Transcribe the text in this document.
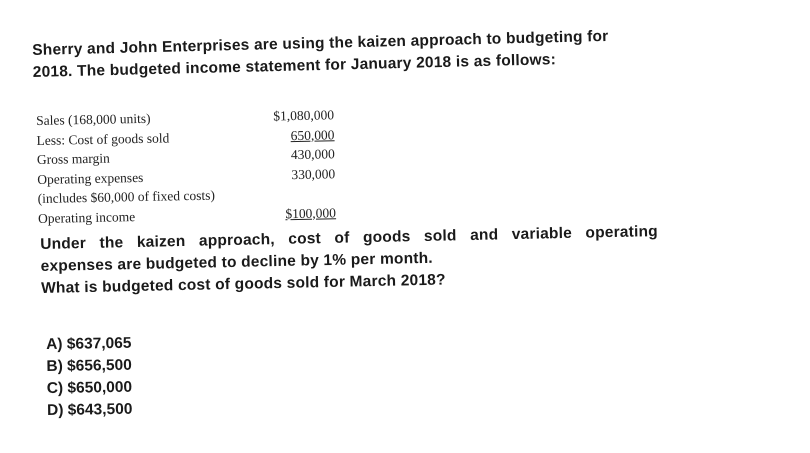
Sherry and John Enterprises are using the kaizen approach to budgeting for
2018. The budgeted income statement for January 2018 is as follows:
Sales (168,000 units)	$1,080,000
Less: Cost of goods sold	650,000
Gross margin	430,000
Operating expenses	330,000
(includes $60,000 of fixed costs)
Operating income	$100,000
Under the kaizen approach, cost of goods sold and variable operating
expenses are budgeted to decline by 1% per month.
What is budgeted cost of goods sold for March 2018?
A) $637,065
B) $656,500
C) $650,000
D) $643,500
